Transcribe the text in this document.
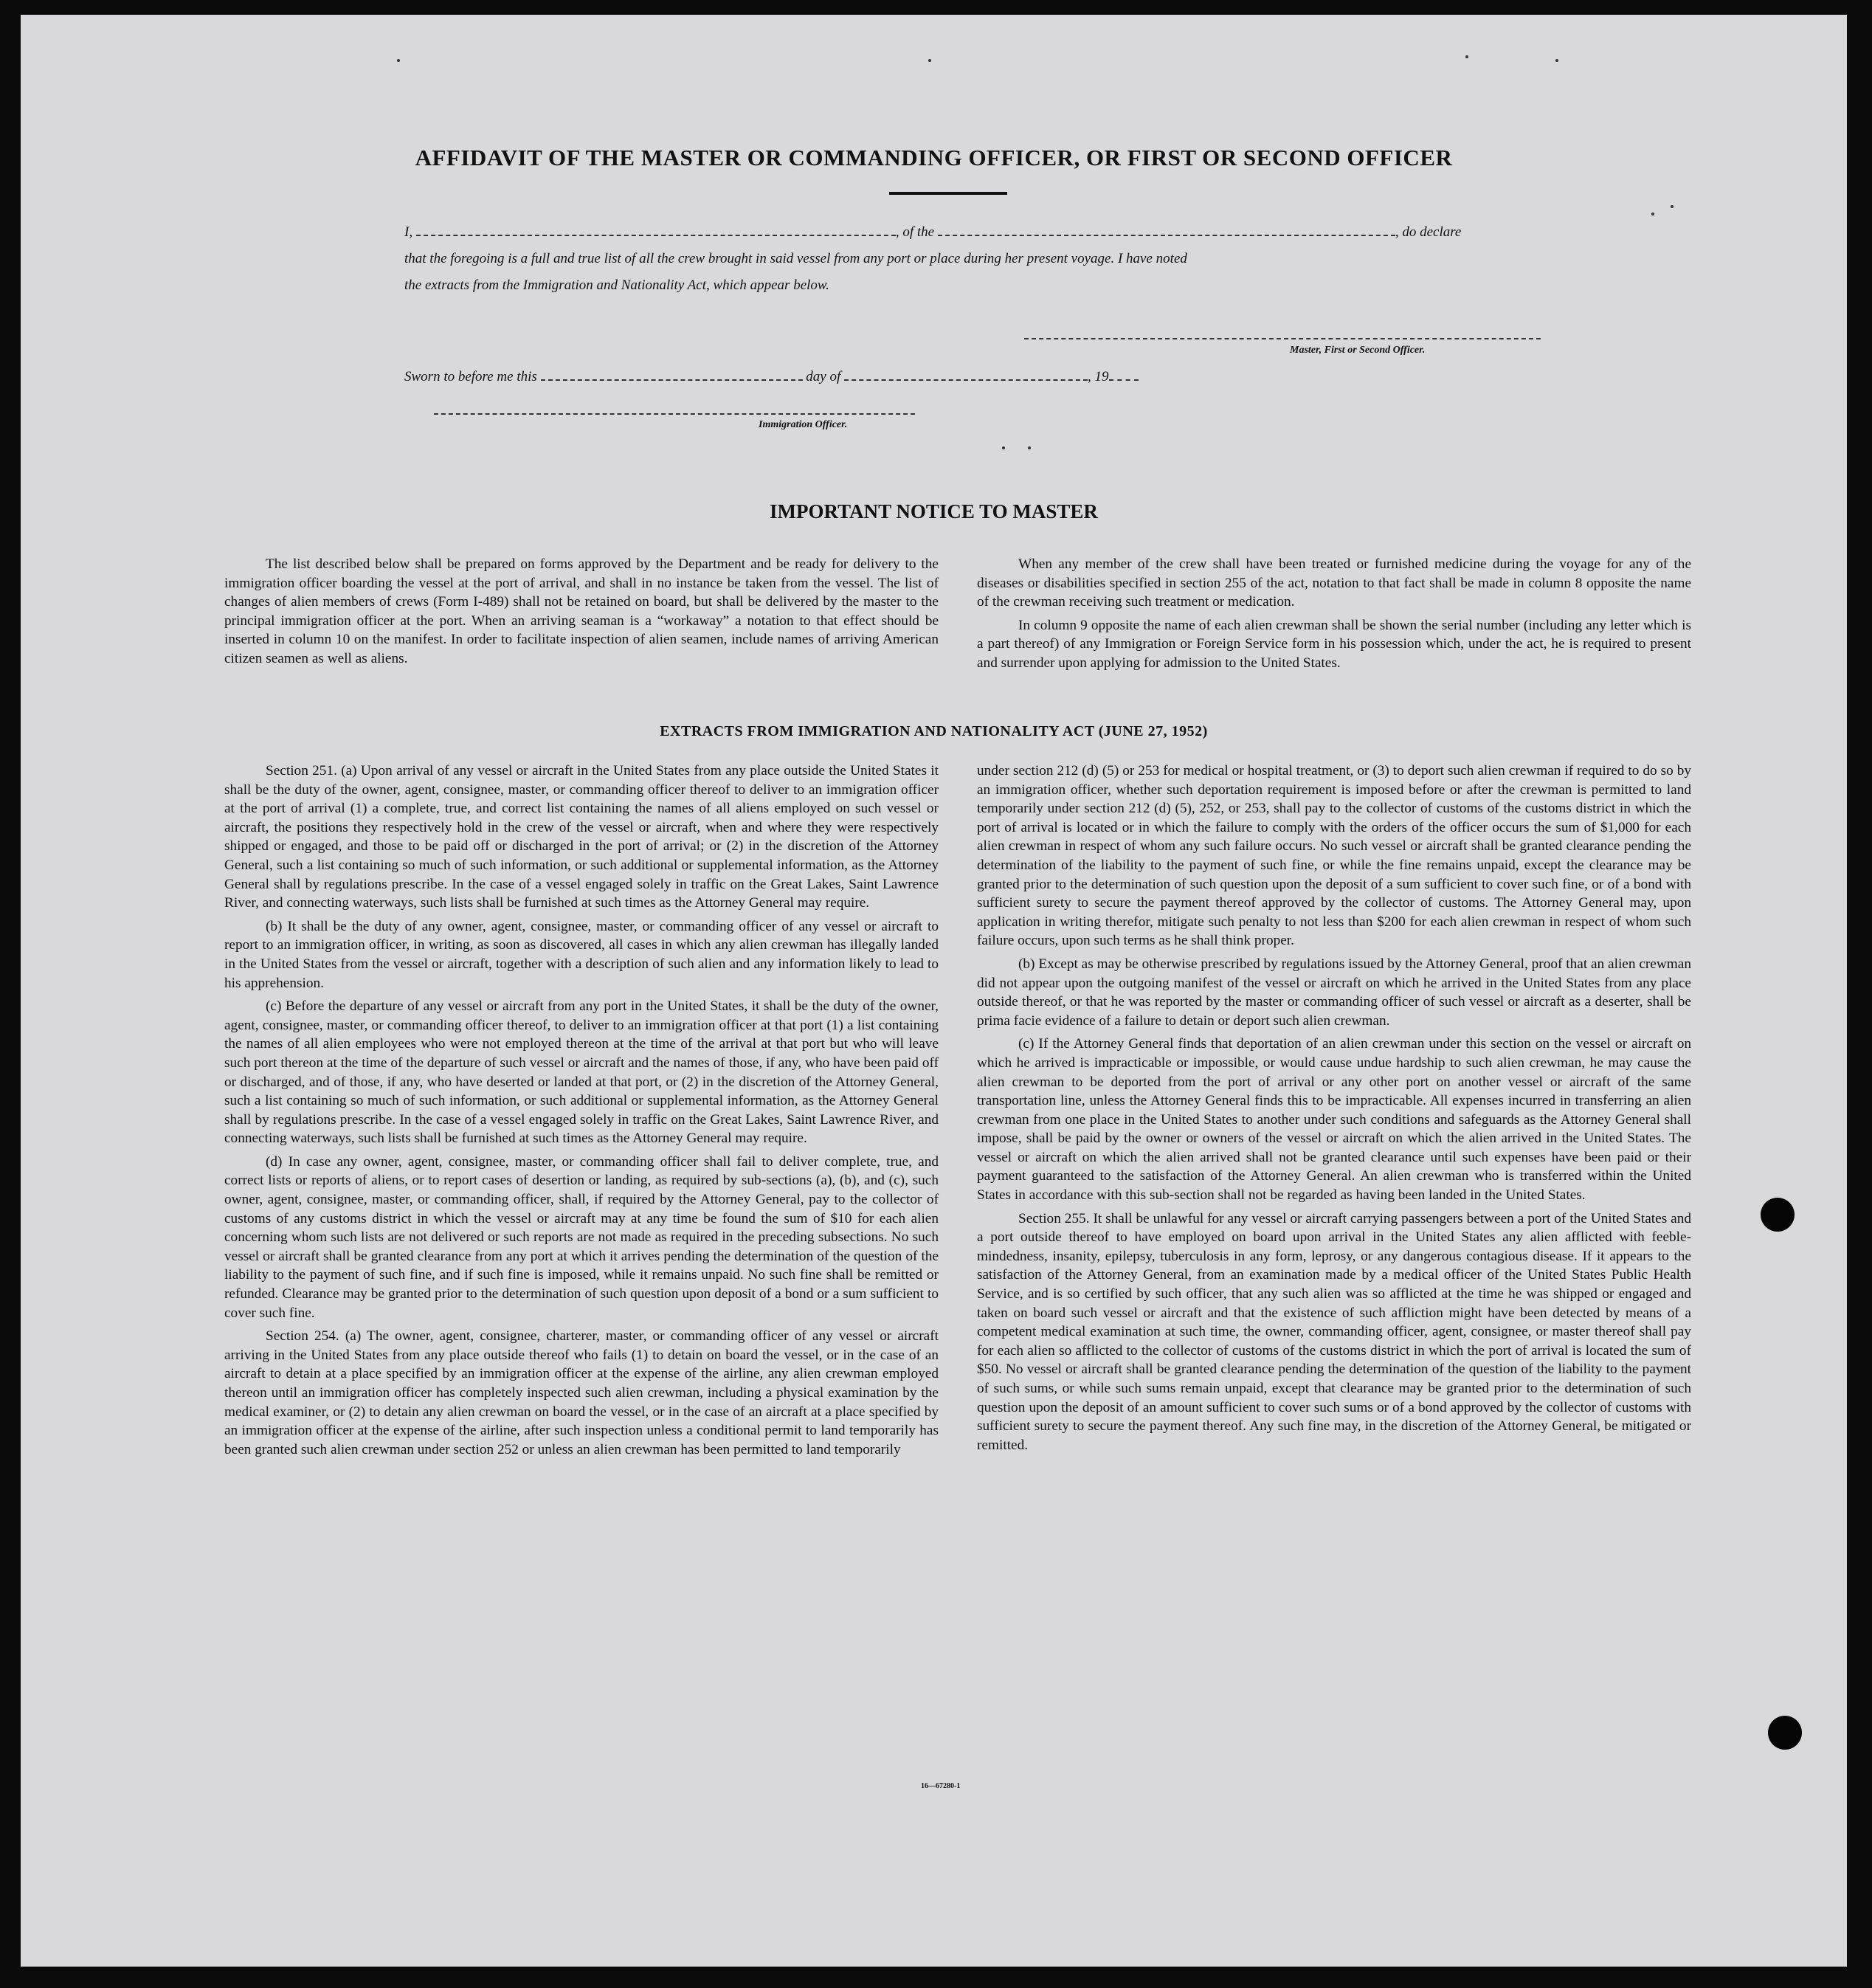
AFFIDAVIT OF THE MASTER OR COMMANDING OFFICER, OR FIRST OR SECOND OFFICER
I,	, of the	, do declare
that the foregoing is a full and true list of all the crew brought in said vessel from any port or place during her present voyage. I have noted
the extracts from the Immigration and Nationality Act, which appear below.
Master, First or Second Officer.
Sworn to before me this	day of	, 19
Immigration Officer.
IMPORTANT NOTICE TO MASTER

The list described below shall be prepared on forms approved by the Department and be ready for delivery to the immigration officer boarding the vessel at the port of arrival, and shall in no instance be taken from the vessel. The list of changes of alien members of crews (Form I-489) shall not be retained on board, but shall be delivered by the master to the principal immigration officer at the port. When an arriving seaman is a “workaway” a notation to that effect should be inserted in column 10 on the manifest. In order to facilitate inspection of alien seamen, include names of arriving American citizen seamen as well as aliens.

When any member of the crew shall have been treated or furnished medicine during the voyage for any of the diseases or disabilities specified in section 255 of the act, notation to that fact shall be made in column 8 opposite the name of the crewman receiving such treatment or medication.

In column 9 opposite the name of each alien crewman shall be shown the serial number (including any letter which is a part thereof) of any Immigration or Foreign Service form in his possession which, under the act, he is required to present and surrender upon applying for admission to the United States.

EXTRACTS FROM IMMIGRATION AND NATIONALITY ACT (JUNE 27, 1952)

Section 251. (a) Upon arrival of any vessel or aircraft in the United States from any place outside the United States it shall be the duty of the owner, agent, consignee, master, or commanding officer thereof to deliver to an immigration officer at the port of arrival (1) a complete, true, and correct list containing the names of all aliens employed on such vessel or aircraft, the positions they respectively hold in the crew of the vessel or aircraft, when and where they were respectively shipped or engaged, and those to be paid off or discharged in the port of arrival; or (2) in the discretion of the Attorney General, such a list containing so much of such information, or such additional or supplemental information, as the Attorney General shall by regulations prescribe. In the case of a vessel engaged solely in traffic on the Great Lakes, Saint Lawrence River, and connecting waterways, such lists shall be furnished at such times as the Attorney General may require.

(b) It shall be the duty of any owner, agent, consignee, master, or commanding officer of any vessel or aircraft to report to an immigration officer, in writing, as soon as discovered, all cases in which any alien crewman has illegally landed in the United States from the vessel or aircraft, together with a description of such alien and any information likely to lead to his apprehension.

(c) Before the departure of any vessel or aircraft from any port in the United States, it shall be the duty of the owner, agent, consignee, master, or commanding officer thereof, to deliver to an immigration officer at that port (1) a list containing the names of all alien employees who were not employed thereon at the time of the arrival at that port but who will leave such port thereon at the time of the departure of such vessel or aircraft and the names of those, if any, who have been paid off or discharged, and of those, if any, who have deserted or landed at that port, or (2) in the discretion of the Attorney General, such a list containing so much of such information, or such additional or supplemental information, as the Attorney General shall by regulations prescribe. In the case of a vessel engaged solely in traffic on the Great Lakes, Saint Lawrence River, and connecting waterways, such lists shall be furnished at such times as the Attorney General may require.

(d) In case any owner, agent, consignee, master, or commanding officer shall fail to deliver complete, true, and correct lists or reports of aliens, or to report cases of desertion or landing, as required by sub-sections (a), (b), and (c), such owner, agent, consignee, master, or commanding officer, shall, if required by the Attorney General, pay to the collector of customs of any customs district in which the vessel or aircraft may at any time be found the sum of $10 for each alien concerning whom such lists are not delivered or such reports are not made as required in the preceding subsections. No such vessel or aircraft shall be granted clearance from any port at which it arrives pending the determination of the question of the liability to the payment of such fine, and if such fine is imposed, while it remains unpaid. No such fine shall be remitted or refunded. Clearance may be granted prior to the determination of such question upon deposit of a bond or a sum sufficient to cover such fine.

Section 254. (a) The owner, agent, consignee, charterer, master, or commanding officer of any vessel or aircraft arriving in the United States from any place outside thereof who fails (1) to detain on board the vessel, or in the case of an aircraft to detain at a place specified by an immigration officer at the expense of the airline, any alien crewman employed thereon until an immigration officer has completely inspected such alien crewman, including a physical examination by the medical examiner, or (2) to detain any alien crewman on board the vessel, or in the case of an aircraft at a place specified by an immigration officer at the expense of the airline, after such inspection unless a conditional permit to land temporarily has been granted such alien crewman under section 252 or unless an alien crewman has been permitted to land temporarily

under section 212 (d) (5) or 253 for medical or hospital treatment, or (3) to deport such alien crewman if required to do so by an immigration officer, whether such deportation requirement is imposed before or after the crewman is permitted to land temporarily under section 212 (d) (5), 252, or 253, shall pay to the collector of customs of the customs district in which the port of arrival is located or in which the failure to comply with the orders of the officer occurs the sum of $1,000 for each alien crewman in respect of whom any such failure occurs. No such vessel or aircraft shall be granted clearance pending the determination of the liability to the payment of such fine, or while the fine remains unpaid, except the clearance may be granted prior to the determination of such question upon the deposit of a sum sufficient to cover such fine, or of a bond with sufficient surety to secure the payment thereof approved by the collector of customs. The Attorney General may, upon application in writing therefor, mitigate such penalty to not less than $200 for each alien crewman in respect of whom such failure occurs, upon such terms as he shall think proper.

(b) Except as may be otherwise prescribed by regulations issued by the Attorney General, proof that an alien crewman did not appear upon the outgoing manifest of the vessel or aircraft on which he arrived in the United States from any place outside thereof, or that he was reported by the master or commanding officer of such vessel or aircraft as a deserter, shall be prima facie evidence of a failure to detain or deport such alien crewman.

(c) If the Attorney General finds that deportation of an alien crewman under this section on the vessel or aircraft on which he arrived is impracticable or impossible, or would cause undue hardship to such alien crewman, he may cause the alien crewman to be deported from the port of arrival or any other port on another vessel or aircraft of the same transportation line, unless the Attorney General finds this to be impracticable. All expenses incurred in transferring an alien crewman from one place in the United States to another under such conditions and safeguards as the Attorney General shall impose, shall be paid by the owner or owners of the vessel or aircraft on which the alien arrived in the United States. The vessel or aircraft on which the alien arrived shall not be granted clearance until such expenses have been paid or their payment guaranteed to the satisfaction of the Attorney General. An alien crewman who is transferred within the United States in accordance with this sub-section shall not be regarded as having been landed in the United States.

Section 255. It shall be unlawful for any vessel or aircraft carrying passengers between a port of the United States and a port outside thereof to have employed on board upon arrival in the United States any alien afflicted with feeble-mindedness, insanity, epilepsy, tuberculosis in any form, leprosy, or any dangerous contagious disease. If it appears to the satisfaction of the Attorney General, from an examination made by a medical officer of the United States Public Health Service, and is so certified by such officer, that any such alien was so afflicted at the time he was shipped or engaged and taken on board such vessel or aircraft and that the existence of such affliction might have been detected by means of a competent medical examination at such time, the owner, commanding officer, agent, consignee, or master thereof shall pay for each alien so afflicted to the collector of customs of the customs district in which the port of arrival is located the sum of $50. No vessel or aircraft shall be granted clearance pending the determination of the question of the liability to the payment of such sums, or while such sums remain unpaid, except that clearance may be granted prior to the determination of such question upon the deposit of an amount sufficient to cover such sums or of a bond approved by the collector of customs with sufficient surety to secure the payment thereof. Any such fine may, in the discretion of the Attorney General, be mitigated or remitted.

16—67280-1
